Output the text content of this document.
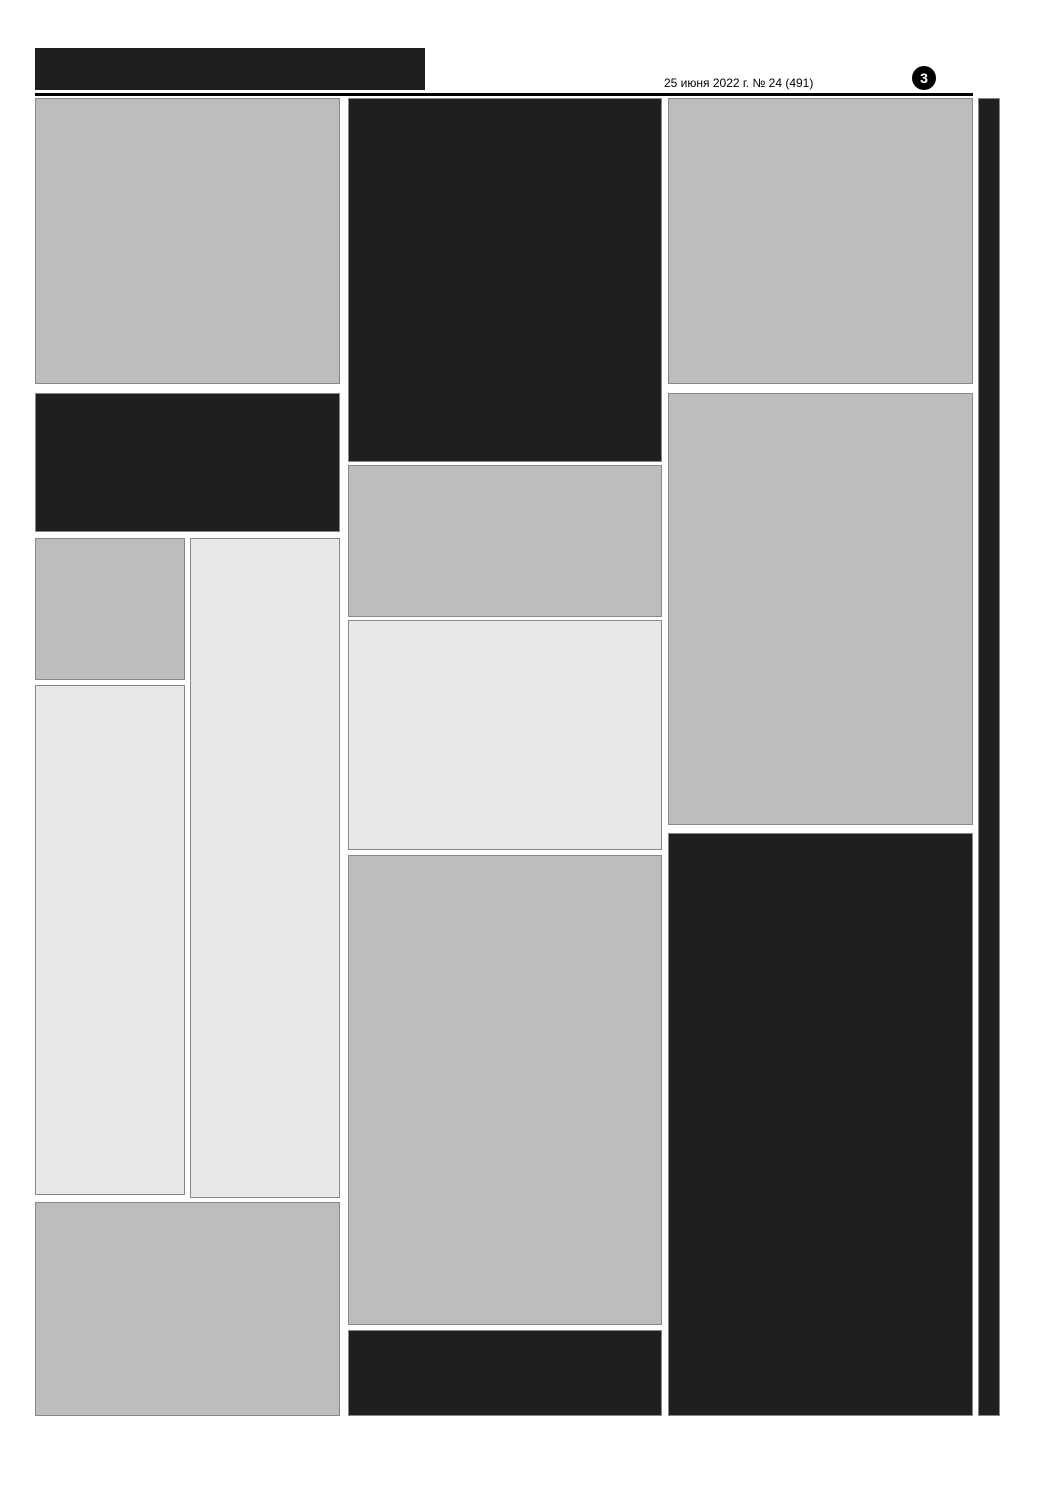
25 июня 2022 г. № 24 (491)	3
